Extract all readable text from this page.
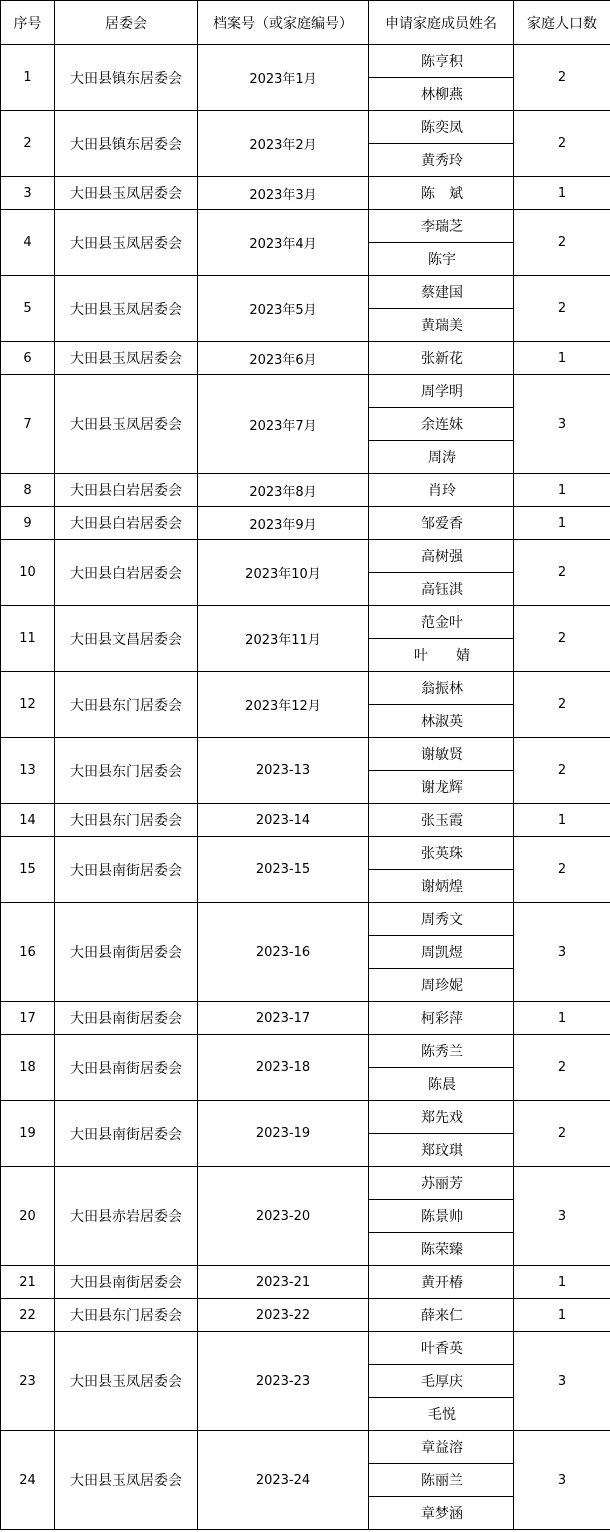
序号	居委会	档案号（或家庭编号）	申请家庭成员姓名	家庭人口数
1	大田县镇东居委会	2023年1月	陈亨积	2
			林柳燕	
2	大田县镇东居委会	2023年2月	陈奕凤	2
			黄秀玲	
3	大田县玉凤居委会	2023年3月	陈　斌	1
4	大田县玉凤居委会	2023年4月	李瑞芝	2
			陈宇	
5	大田县玉凤居委会	2023年5月	蔡建国	2
			黄瑞美	
6	大田县玉凤居委会	2023年6月	张新花	1
7	大田县玉凤居委会	2023年7月	周学明	3
			余连妹	
			周涛	
8	大田县白岩居委会	2023年8月	肖玲	1
9	大田县白岩居委会	2023年9月	邹爱香	1
10	大田县白岩居委会	2023年10月	高树强	2
			高钰淇	
11	大田县文昌居委会	2023年11月	范金叶	2
			叶　　婧	
12	大田县东门居委会	2023年12月	翁振林	2
			林淑英	
13	大田县东门居委会	2023-13	谢敏贤	2
			谢龙辉	
14	大田县东门居委会	2023-14	张玉霞	1
15	大田县南街居委会	2023-15	张英珠	2
			谢炳煌	
16	大田县南街居委会	2023-16	周秀文	3
			周凯煜	
			周珍妮	
17	大田县南街居委会	2023-17	柯彩萍	1
18	大田县南街居委会	2023-18	陈秀兰	2
			陈晨	
19	大田县南街居委会	2023-19	郑先戏	2
			郑玟琪	
20	大田县赤岩居委会	2023-20	苏丽芳	3
			陈景帅	
			陈荣臻	
21	大田县南街居委会	2023-21	黄开椿	1
22	大田县东门居委会	2023-22	薛来仁	1
23	大田县玉凤居委会	2023-23	叶香英	3
			毛厚庆	
			毛悦	
24	大田县玉凤居委会	2023-24	章益溶	3
			陈丽兰	
			章梦涵	
